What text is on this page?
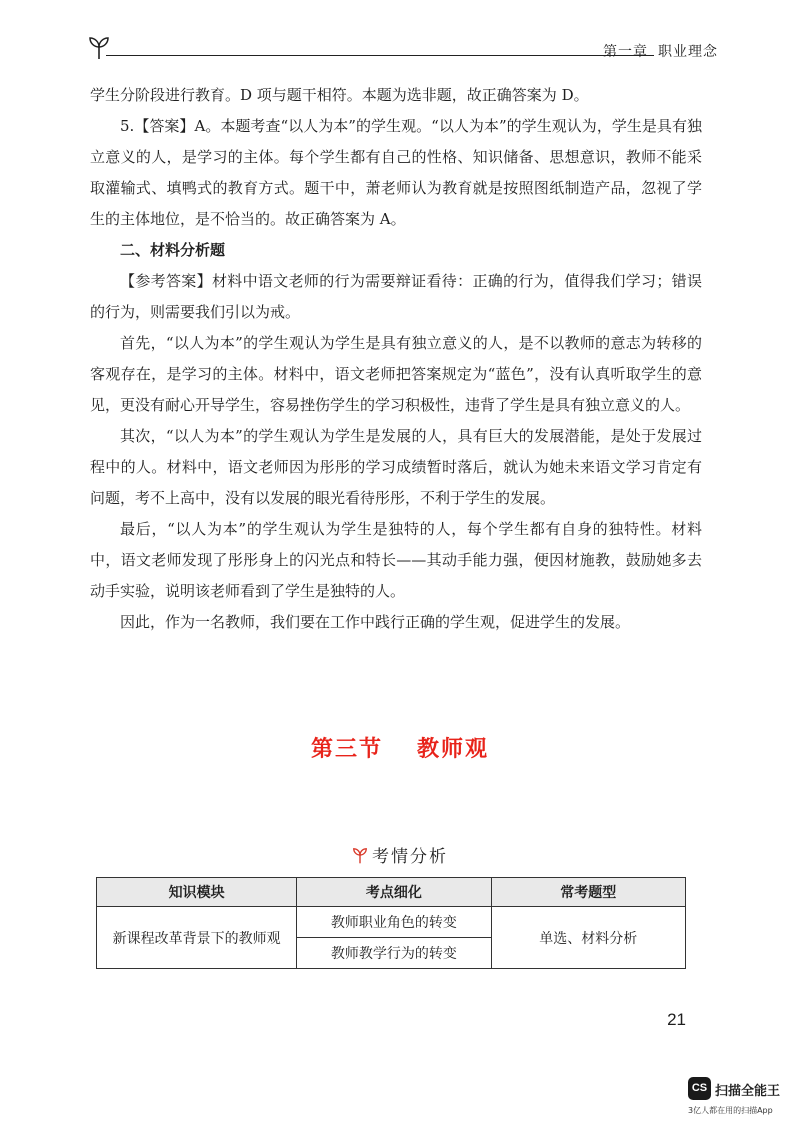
第一章 职业理念

学生分阶段进行教育。D 项与题干相符。本题为选非题，故正确答案为 D。

5.【答案】A。本题考查“以人为本”的学生观。“以人为本”的学生观认为，学生是具有独立意义的人，是学习的主体。每个学生都有自己的性格、知识储备、思想意识，教师不能采取灌输式、填鸭式的教育方式。题干中，萧老师认为教育就是按照图纸制造产品，忽视了学生的主体地位，是不恰当的。故正确答案为 A。

二、材料分析题

【参考答案】材料中语文老师的行为需要辩证看待：正确的行为，值得我们学习；错误的行为，则需要我们引以为戒。

首先，“以人为本”的学生观认为学生是具有独立意义的人，是不以教师的意志为转移的客观存在，是学习的主体。材料中，语文老师把答案规定为“蓝色”，没有认真听取学生的意见，更没有耐心开导学生，容易挫伤学生的学习积极性，违背了学生是具有独立意义的人。

其次，“以人为本”的学生观认为学生是发展的人，具有巨大的发展潜能，是处于发展过程中的人。材料中，语文老师因为彤彤的学习成绩暂时落后，就认为她未来语文学习肯定有问题，考不上高中，没有以发展的眼光看待彤彤，不利于学生的发展。

最后，“以人为本”的学生观认为学生是独特的人，每个学生都有自身的独特性。材料中，语文老师发现了彤彤身上的闪光点和特长——其动手能力强，便因材施教，鼓励她多去动手实验，说明该老师看到了学生是独特的人。

因此，作为一名教师，我们要在工作中践行正确的学生观，促进学生的发展。

第三节 教师观
考情分析
知识模块	考点细化	常考题型
新课程改革背景下的教师观	教师职业角色的转变	单选、材料分析
	教师教学行为的转变	
21
CS 扫描全能王
3亿人都在用的扫描App
